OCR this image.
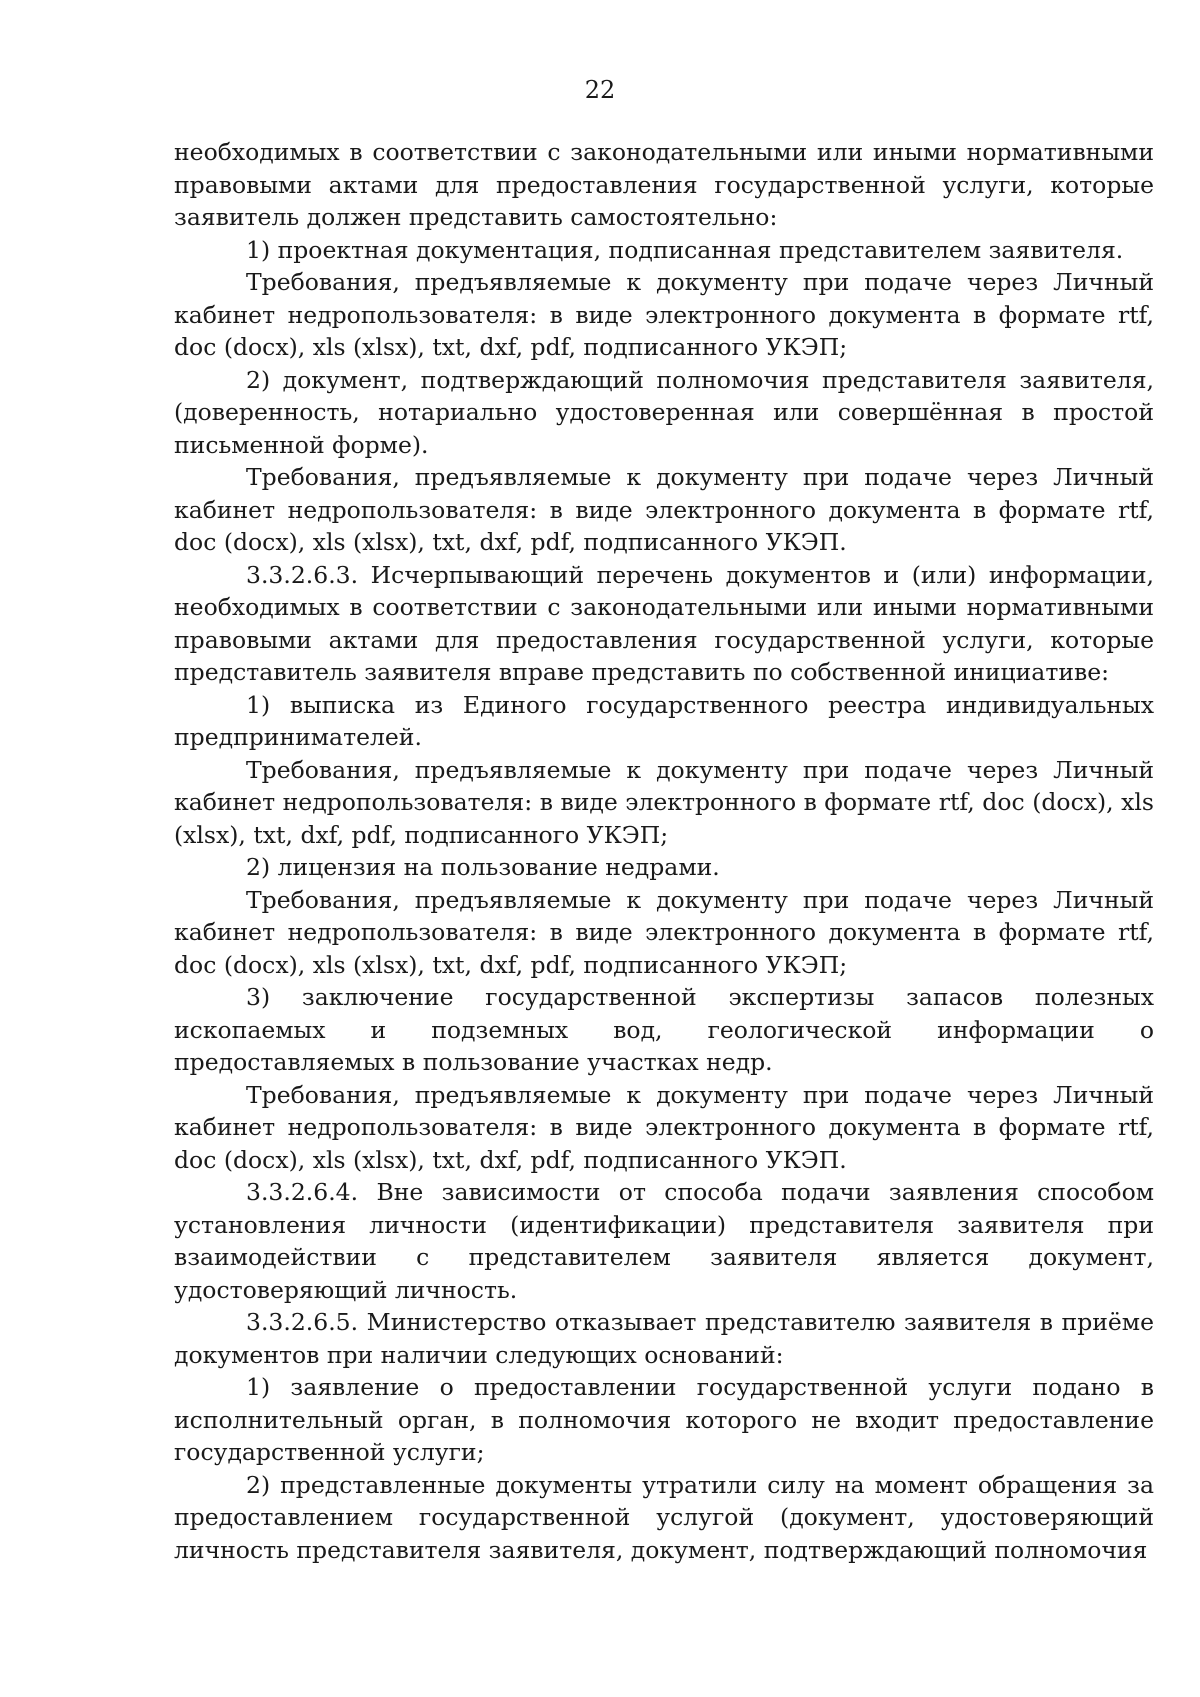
22

необходимых в соответствии с законодательными или иными нормативными правовыми актами для предоставления государственной услуги, которые заявитель должен представить самостоятельно:

1) проектная документация, подписанная представителем заявителя.

Требования, предъявляемые к документу при подаче через Личный кабинет недропользователя: в виде электронного документа в формате rtf, doc (docx), xls (xlsx), txt, dxf, pdf, подписанного УКЭП;

2) документ, подтверждающий полномочия представителя заявителя, (доверенность, нотариально удостоверенная или совершённая в простой письменной форме).

Требования, предъявляемые к документу при подаче через Личный кабинет недропользователя: в виде электронного документа в формате rtf, doc (docx), xls (xlsx), txt, dxf, pdf, подписанного УКЭП.

3.3.2.6.3. Исчерпывающий перечень документов и (или) информации, необходимых в соответствии с законодательными или иными нормативными правовыми актами для предоставления государственной услуги, которые представитель заявителя вправе представить по собственной инициативе:

1) выписка из Единого государственного реестра индивидуальных предпринимателей.

Требования, предъявляемые к документу при подаче через Личный кабинет недропользователя: в виде электронного в формате rtf, doc (docx), xls (xlsx), txt, dxf, pdf, подписанного УКЭП;

2) лицензия на пользование недрами.

Требования, предъявляемые к документу при подаче через Личный кабинет недропользователя: в виде электронного документа в формате rtf, doc (docx), xls (xlsx), txt, dxf, pdf, подписанного УКЭП;

3) заключение государственной экспертизы запасов полезных ископаемых и подземных вод, геологической информации о предоставляемых в пользование участках недр.

Требования, предъявляемые к документу при подаче через Личный кабинет недропользователя: в виде электронного документа в формате rtf, doc (docx), xls (xlsx), txt, dxf, pdf, подписанного УКЭП.

3.3.2.6.4. Вне зависимости от способа подачи заявления способом установления личности (идентификации) представителя заявителя при взаимодействии с представителем заявителя является документ, удостоверяющий личность.

3.3.2.6.5. Министерство отказывает представителю заявителя в приёме документов при наличии следующих оснований:

1) заявление о предоставлении государственной услуги подано в исполнительный орган, в полномочия которого не входит предоставление государственной услуги;

2) представленные документы утратили силу на момент обращения за предоставлением государственной услугой (документ, удостоверяющий личность представителя заявителя, документ, подтверждающий полномочия
